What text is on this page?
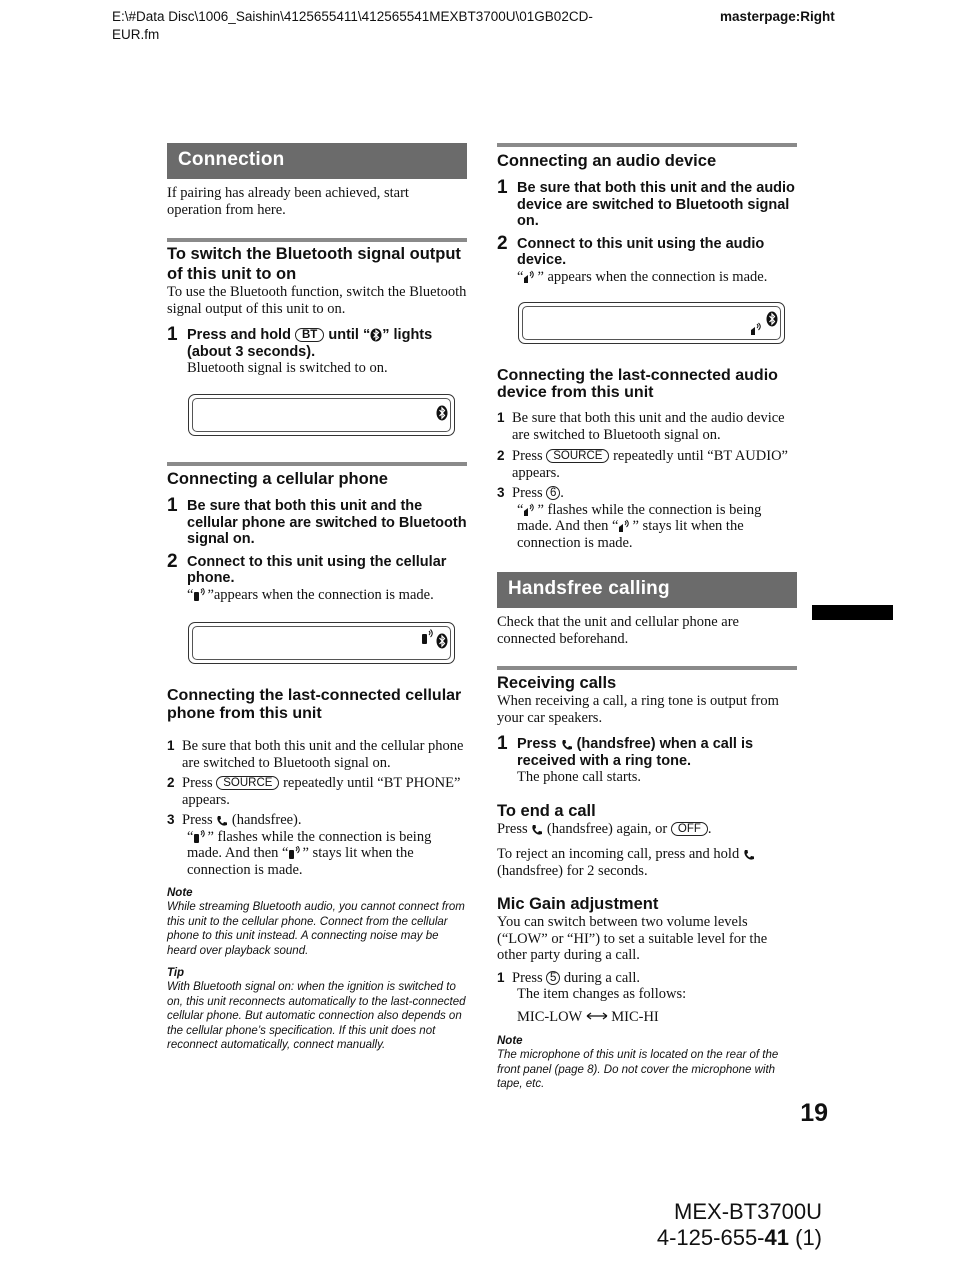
E:\#Data Disc\1006_Saishin\4125655411\412565541MEXBT3700U\01GB02CD-EUR.fm
masterpage:Right
Connection

If pairing has already been achieved, start operation from here.

To switch the Bluetooth signal output of this unit to on

To use the Bluetooth function, switch the Bluetooth signal output of this unit to on.

1 Press and hold BT until “ ” lights (about 3 seconds).

Bluetooth signal is switched to on.

Connecting a cellular phone

1 Be sure that both this unit and the cellular phone are switched to Bluetooth signal on.
2 Connect to this unit using the cellular phone.

“ ”appears when the connection is made.

Connecting the last-connected cellular phone from this unit

1 Be sure that both this unit and the cellular phone are switched to Bluetooth signal on.

2 Press SOURCE repeatedly until “BT PHONE” appears.

3 Press (handsfree).

“ ” flashes while the connection is being made. And then “ ” stays lit when the connection is made.

Note

While streaming Bluetooth audio, you cannot connect from this unit to the cellular phone. Connect from the cellular phone to this unit instead. A connecting noise may be heard over playback sound.

Tip

With Bluetooth signal on: when the ignition is switched to on, this unit reconnects automatically to the last-connected cellular phone. But automatic connection also depends on the cellular phone’s specification. If this unit does not reconnect automatically, connect manually.

Connecting an audio device

1 Be sure that both this unit and the audio device are switched to Bluetooth signal on.
2 Connect to this unit using the audio device.

“ ” appears when the connection is made.

Connecting the last-connected audio device from this unit

1 Be sure that both this unit and the audio device are switched to Bluetooth signal on.

2 Press SOURCE repeatedly until “BT AUDIO” appears.

3 Press 6 .

“ ” flashes while the connection is being made. And then “ ” stays lit when the connection is made.

Handsfree calling

Check that the unit and cellular phone are connected beforehand.

Receiving calls

When receiving a call, a ring tone is output from your car speakers.

1 Press (handsfree) when a call is received with a ring tone.

The phone call starts.

To end a call

Press (handsfree) again, or OFF .

To reject an incoming call, press and hold  (handsfree) for 2 seconds.

Mic Gain adjustment

You can switch between two volume levels (“LOW” or “HI”) to set a suitable level for the other party during a call.

1 Press 5 during a call.

The item changes as follows:

MIC-LOW MIC-HI

Note

The microphone of this unit is located on the rear of the front panel (page 8). Do not cover the microphone with tape, etc.

19
MEX-BT3700U
4-125-655-41 (1)
